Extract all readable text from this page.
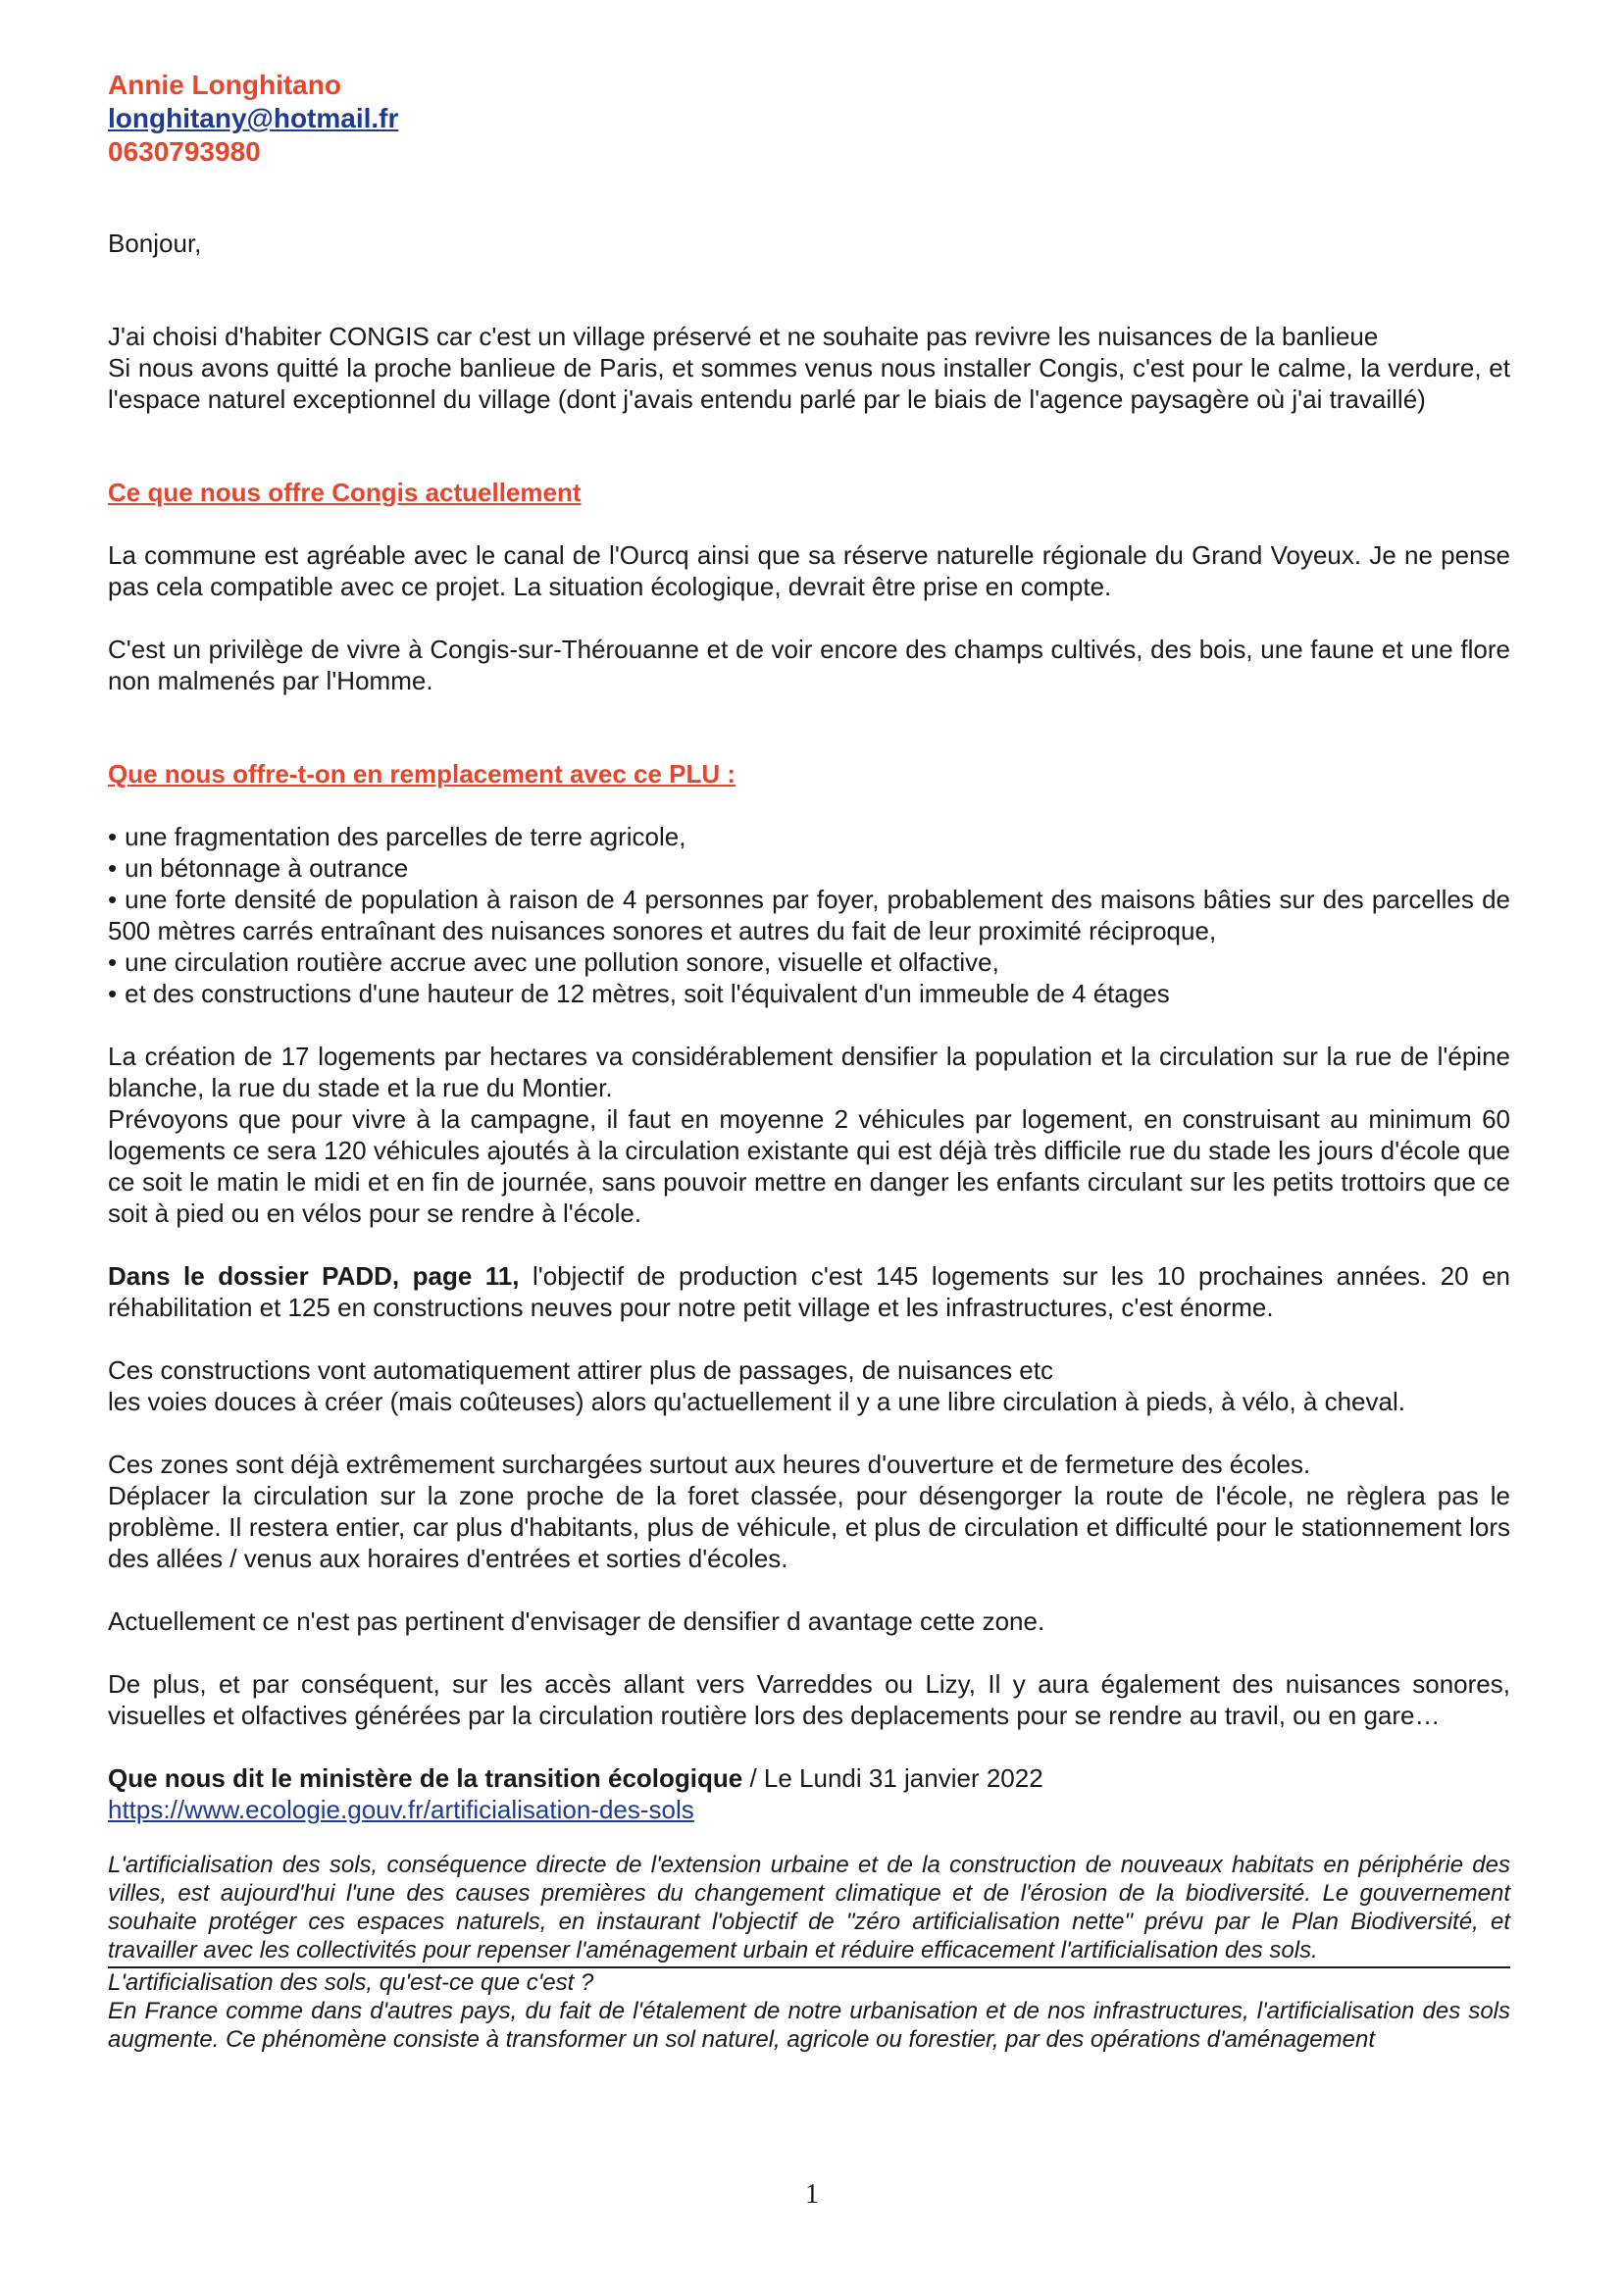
Annie Longhitano
longhitany@hotmail.fr
0630793980

Bonjour,

J'ai choisi d'habiter CONGIS car c'est un village préservé et ne souhaite pas revivre les nuisances de la banlieue

Si nous avons quitté la proche banlieue de Paris, et sommes venus nous installer Congis, c'est pour le calme, la verdure, et l'espace naturel exceptionnel du village (dont j'avais entendu parlé par le biais de l'agence paysagère où j'ai travaillé)

Ce que nous offre Congis actuellement

La commune est agréable avec le canal de l'Ourcq ainsi que sa réserve naturelle régionale du Grand Voyeux. Je ne pense pas cela compatible avec ce projet. La situation écologique, devrait être prise en compte.

C'est un privilège de vivre à Congis-sur-Thérouanne et de voir encore des champs cultivés, des bois, une faune et une flore non malmenés par l'Homme.

Que nous offre-t-on en remplacement avec ce PLU :
• une fragmentation des parcelles de terre agricole,
• un bétonnage à outrance
• une forte densité de population à raison de 4 personnes par foyer, probablement des maisons bâties sur des parcelles de 500 mètres carrés entraînant des nuisances sonores et autres du fait de leur proximité réciproque,
• une circulation routière accrue avec une pollution sonore, visuelle et olfactive,
• et des constructions d'une hauteur de 12 mètres, soit l'équivalent d'un immeuble de 4 étages

La création de 17 logements par hectares va considérablement densifier la population et la circulation sur la rue de l'épine blanche, la rue du stade et la rue du Montier.

Prévoyons que pour vivre à la campagne, il faut en moyenne 2 véhicules par logement, en construisant au minimum 60 logements ce sera 120 véhicules ajoutés à la circulation existante qui est déjà très difficile rue du stade les jours d'école que ce soit le matin le midi et en fin de journée, sans pouvoir mettre en danger les enfants circulant sur les petits trottoirs que ce soit à pied ou en vélos pour se rendre à l'école.

Dans le dossier PADD, page 11, l'objectif de production c'est 145 logements sur les 10 prochaines années. 20 en réhabilitation et 125 en constructions neuves pour notre petit village et les infrastructures, c'est énorme.

Ces constructions vont automatiquement attirer plus de passages, de nuisances etc

les voies douces à créer (mais coûteuses) alors qu'actuellement il y a une libre circulation à pieds, à vélo, à cheval.

Ces zones sont déjà extrêmement surchargées surtout aux heures d'ouverture et de fermeture des écoles.

Déplacer la circulation sur la zone proche de la foret classée, pour désengorger la route de l'école, ne règlera pas le problème. Il restera entier, car plus d'habitants, plus de véhicule, et plus de circulation et difficulté pour le stationnement lors des allées / venus aux horaires d'entrées et sorties d'écoles.

Actuellement ce n'est pas pertinent d'envisager de densifier d avantage cette zone.

De plus, et par conséquent, sur les accès allant vers Varreddes ou Lizy, Il y aura également des nuisances sonores, visuelles et olfactives générées par la circulation routière lors des deplacements pour se rendre au travil, ou en gare…

Que nous dit le ministère de la transition écologique / Le Lundi 31 janvier 2022

https://www.ecologie.gouv.fr/artificialisation-des-sols

L'artificialisation des sols, conséquence directe de l'extension urbaine et de la construction de nouveaux habitats en périphérie des villes, est aujourd'hui l'une des causes premières du changement climatique et de l'érosion de la biodiversité. Le gouvernement souhaite protéger ces espaces naturels, en instaurant l'objectif de "zéro artificialisation nette" prévu par le Plan Biodiversité, et travailler avec les collectivités pour repenser l'aménagement urbain et réduire efficacement l'artificialisation des sols.

L'artificialisation des sols, qu'est-ce que c'est ?

En France comme dans d'autres pays, du fait de l'étalement de notre urbanisation et de nos infrastructures, l'artificialisation des sols augmente. Ce phénomène consiste à transformer un sol naturel, agricole ou forestier, par des opérations d'aménagement

1
